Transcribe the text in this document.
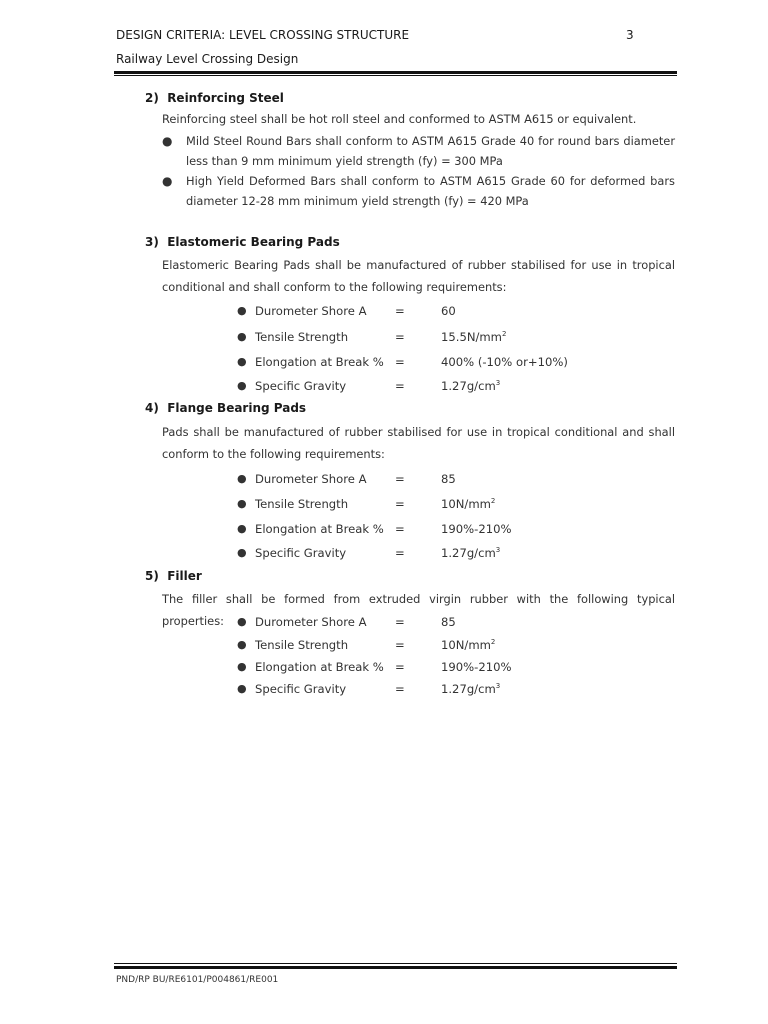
DESIGN CRITERIA: LEVEL CROSSING STRUCTURE	3
Railway Level Crossing Design
2) Reinforcing Steel
Reinforcing steel shall be hot roll steel and conformed to ASTM A615 or equivalent.
● Mild Steel Round Bars shall conform to ASTM A615 Grade 40 for round bars diameter less than 9 mm minimum yield strength (fy) = 300 MPa
● High Yield Deformed Bars shall conform to ASTM A615 Grade 60 for deformed bars diameter 12-28 mm minimum yield strength (fy) = 420 MPa
3) Elastomeric Bearing Pads
Elastomeric Bearing Pads shall be manufactured of rubber stabilised for use in tropical conditional and shall conform to the following requirements:
● Durometer Shore A =	60
● Tensile Strength	=	$15.5N/mm^2$
● Elongation at Break % =	400% (-10% or+10%)
● Specific Gravity	=	$1.27g/cm^3$
4) Flange Bearing Pads
Pads shall be manufactured of rubber stabilised for use in tropical conditional and shall conform to the following requirements:
● Durometer Shore A =	85
● Tensile Strength	=	$10N/mm^2$
● Elongation at Break % =	190%-210%
● Specific Gravity	=	$1.27g/cm^3$
5) Filler
The filler shall be formed from extruded virgin rubber with the following typical properties:	● Durometer Shore A =	85
● Tensile Strength	=	$10N/mm^2$
● Elongation at Break % =	190%-210%
● Specific Gravity	=	$1.27g/cm^3$
PND/RP BU/RE6101/P004861/RE001
